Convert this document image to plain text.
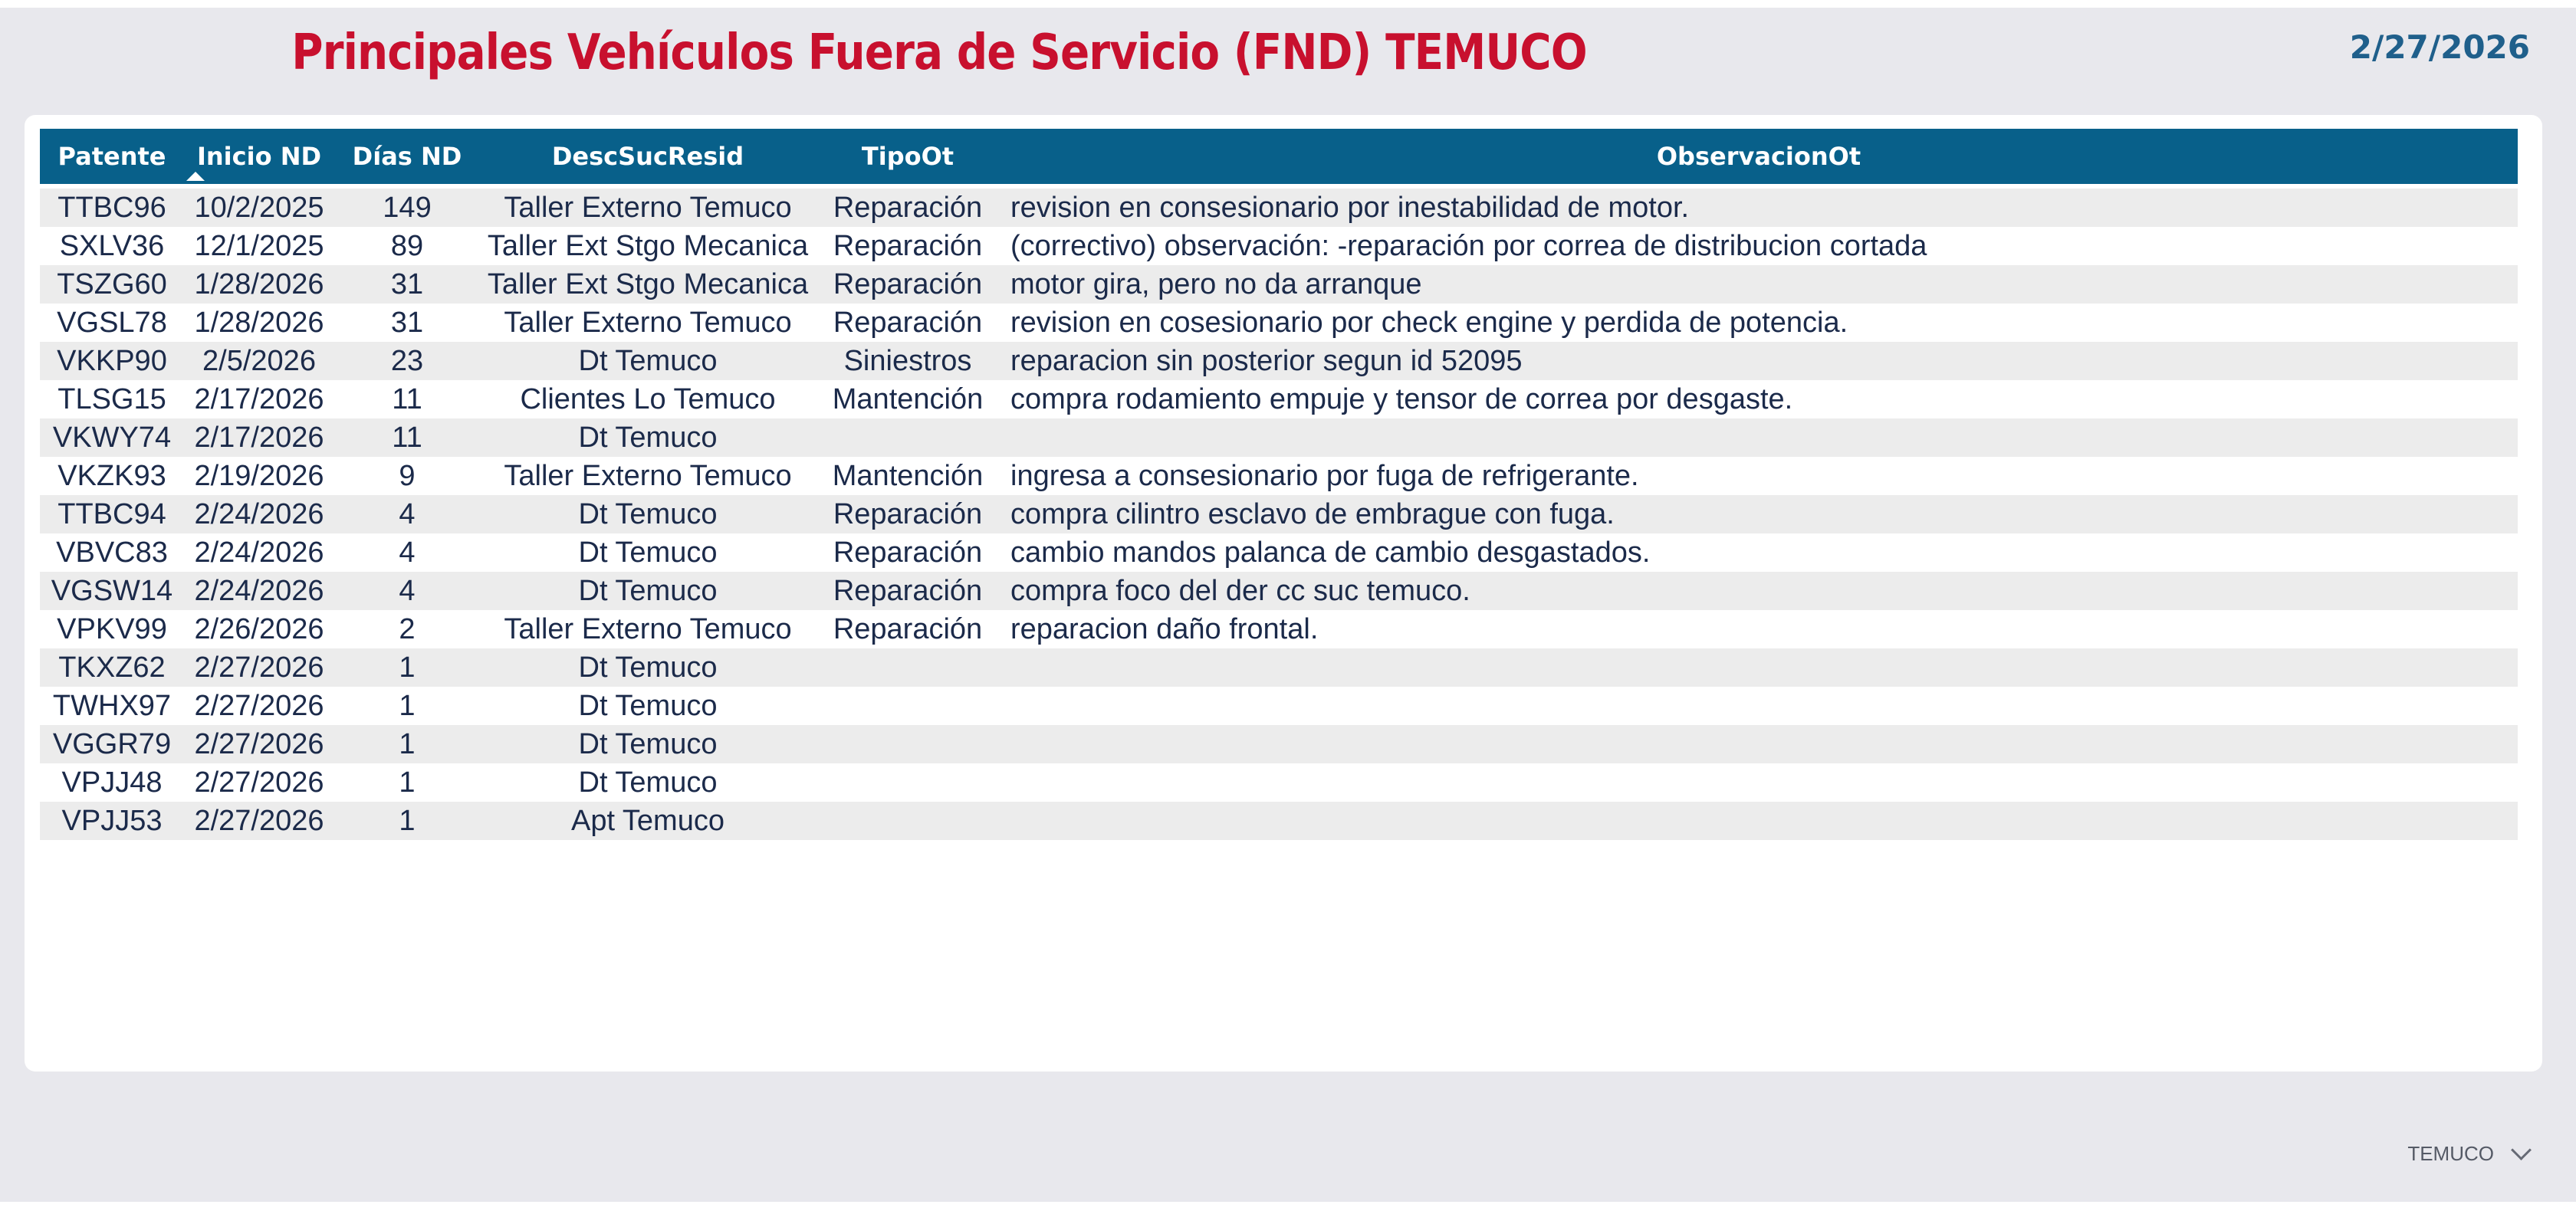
Principales Vehículos Fuera de Servicio (FND) TEMUCO	2/27/2026
Patente	Inicio ND	Días ND	DescSucResid	TipoOt	ObservacionOt

TTBC96	10/2/2025	149	Taller Externo Temuco	Reparación	revision en consesionario por inestabilidad de motor.
SXLV36	12/1/2025	89	Taller Ext Stgo Mecanica	Reparación	(correctivo) observación: -reparación por correa de distribucion cortada
TSZG60	1/28/2026	31	Taller Ext Stgo Mecanica	Reparación	motor gira, pero no da arranque
VGSL78	1/28/2026	31	Taller Externo Temuco	Reparación	revision en cosesionario por check engine y perdida de potencia.
VKKP90	2/5/2026	23	Dt Temuco	Siniestros	reparacion sin posterior segun id 52095
TLSG15	2/17/2026	11	Clientes Lo Temuco	Mantención	compra rodamiento empuje y tensor de correa por desgaste.
VKWY74	2/17/2026	11	Dt Temuco		
VKZK93	2/19/2026	9	Taller Externo Temuco	Mantención	ingresa a consesionario por fuga de refrigerante.
TTBC94	2/24/2026	4	Dt Temuco	Reparación	compra cilintro esclavo de embrague con fuga.
VBVC83	2/24/2026	4	Dt Temuco	Reparación	cambio mandos palanca de cambio desgastados.
VGSW14	2/24/2026	4	Dt Temuco	Reparación	compra foco del der cc suc temuco.
VPKV99	2/26/2026	2	Taller Externo Temuco	Reparación	reparacion daño frontal.
TKXZ62	2/27/2026	1	Dt Temuco		
TWHX97	2/27/2026	1	Dt Temuco		
VGGR79	2/27/2026	1	Dt Temuco		
VPJJ48	2/27/2026	1	Dt Temuco		
VPJJ53	2/27/2026	1	Apt Temuco		
TEMUCO
